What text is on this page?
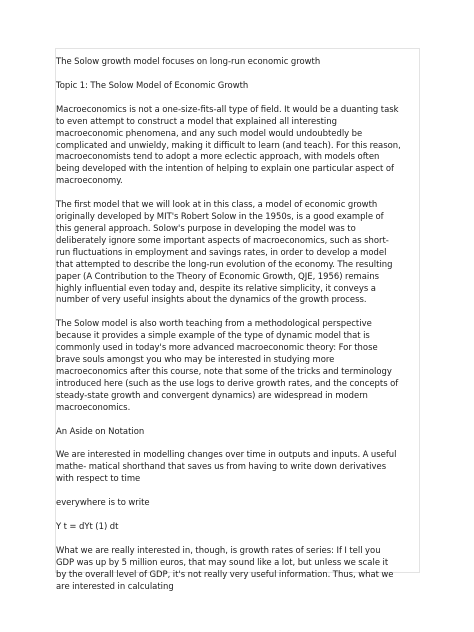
The Solow growth model focuses on long-run economic growth

Topic 1: The Solow Model of Economic Growth

Macroeconomics is not a one-size-fits-all type of field. It would be a duanting task
to even attempt to construct a model that explained all interesting
macroeconomic phenomena, and any such model would undoubtedly be
complicated and unwieldy, making it difficult to learn (and teach). For this reason,
macroeconomists tend to adopt a more eclectic approach, with models often
being developed with the intention of helping to explain one particular aspect of
macroeconomy.

The first model that we will look at in this class, a model of economic growth
originally developed by MIT's Robert Solow in the 1950s, is a good example of
this general approach. Solow's purpose in developing the model was to
deliberately ignore some important aspects of macroeconomics, such as short-
run fluctuations in employment and savings rates, in order to develop a model
that attempted to describe the long-run evolution of the economy. The resulting
paper (A Contribution to the Theory of Economic Growth, QJE, 1956) remains
highly influential even today and, despite its relative simplicity, it conveys a
number of very useful insights about the dynamics of the growth process.

The Solow model is also worth teaching from a methodological perspective
because it provides a simple example of the type of dynamic model that is
commonly used in today's more advanced macroeconomic theory: For those
brave souls amongst you who may be interested in studying more
macroeconomics after this course, note that some of the tricks and terminology
introduced here (such as the use logs to derive growth rates, and the concepts of
steady-state growth and convergent dynamics) are widespread in modern
macroeconomics.

An Aside on Notation

We are interested in modelling changes over time in outputs and inputs. A useful
mathe- matical shorthand that saves us from having to write down derivatives
with respect to time

everywhere is to write

Y t = dYt (1) dt

What we are really interested in, though, is growth rates of series: If I tell you
GDP was up by 5 million euros, that may sound like a lot, but unless we scale it
by the overall level of GDP, it's not really very useful information. Thus, what we
are interested in calculating
